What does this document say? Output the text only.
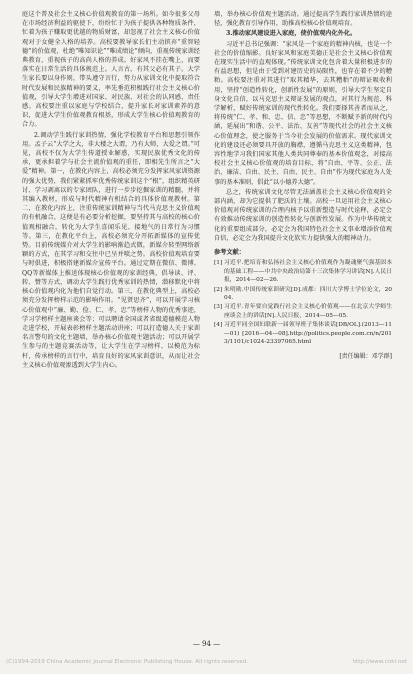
庭这个普及社会主义核心价值观教育的第一场所。如今很多父母在市场经济利益的驱使下，纷纷忙于为孩子提供各种物质条件，忙着为孩子赚取更优越的物质财富，却忽视了社会主义核心价值观对于女健全人格的培养。高校要教导家长们主动摈弃“重智轻德”的价值观，杜绝“唯知识论”“唯成绩论”倾向，重视传统家训经典教育，重视孩子的高尚人格的养成。好家风不挂在嘴上，而要落实在日常生活的具体规范上。人言古，有其父必有其子。大学生家长要以身作则，带头遵守言行，努力从家训文化中提取符合时代发展和民族精神的要义，率先垂范积极践行社会主义核心价值观，引导大学生增进对国家、对民族、对社会的认同感、责任感。高校要注重以家庭与学校结合，提升家长对家训素养的意识，促进大学生价值观教育根基，形成大学生核心价值观教育的合力。

2.调动学生践行家训热情，强化学校教育平台和思想引领作用。孟子云“大学之大，非大楼之大谓，乃有大师，大爱之谓。”可见，高校不仅为大学生传道授业解惑，实现民族优秀文化的传承，更承担着学与社会主流价值观的重任，即相先生所言之“大爱”精神。第一，在教化内容上，高校必须充分发挥家风家训资源的强大优势，我们紧紧抓牢优秀传统家训这个“根”，组织精英研讨、学习剥离以的专家团队，进行一步步挖掘家训的精髓，并将其编入教材，形成与时代精神有机结合的具体价值观教材。第二，在教化内容上，注重传统家训精神与当代马克思主义价值观的有机融合，这便是有必要分析挖掘，要坚持其与高校的核心价值观相融合，转化为大学生喜闻乐见、接地气的日常行为习惯等。第三，在教化平台上，高校必须充分开拓新媒体的宣传优势。目前传统媒介对大学生的影响渐趋式微，新媒介转型网络新颖的方式，在其学习和交往中已呈并喷之势。高校价值观培育要与时俱进，积极搭建新媒介宣传平台。通过定期在微信、微博、QQ等新媒体上推送体现核心价值观的家训经典，倡导读、评、转、赞等方式，调动大学生践行优秀家训的热情，潜移默化中将核心价值观内化为他们自觉行动。第三，在教化典型上，高校必须充分发挥榜样示范的影响作用。“见贤思齐”，可以开展学习核心价值观中“廉、勤、俭、仁、孝、忠”等榜样人物的优秀事迹，学习学榜样主题座谈会等；可以聘请全国或者省级道德模范人物走进学校，开展表彰榜样主题活动讲座；可以打造德人关于家训名言警句的文化主题墙，举办核心价值观主题活动；可以开展学生参与的主题竞赛活动等，让大学生在学习榜样、以模范为标杆，传承榜样的言行中，培育良好的家风家训意识，从而让社会主义核心价值观渗透到大学生内心。

墙，举办核心价值观主题活动。通过提高学生践行家训热情的途径，强化教育引导作用，助推高校核心价值观培育。

3.推动家风建设进入家庭，使价值观内化外化。

习近平总书记强调：“家风是一个家庭的精神内核，也是一个社会的价值缩影。良好家风和家庭美德正是社会主义核心价值观在现实生活中的直观体现。”传统家训文化包含着大量积极进步的有益思想，但是由于受到对建历史的局限性，也存在着不少的糟粕。高校要注重对其进行“取其精华，去其糟粕”的辩证吸收利用，坚持“创造性转化，创新性发展”的原则，引导大学生坚定自身文化自信，以马克思主义辩证发展的观点，对其行为规范、科学解析，赋好传统家训的现代性转化。我们要择其善者而从之，将传统“仁、孝、和、忠、信、忠”等思想，不断赋予新的时代内涵，延展出“和谐、公平、法治、友善”等现代社会的社会主义核心价值理念，使之服务于当今社会发展的价值需求。现代家训文化的建设还必须要具开放的胸襟，遵循马克思主义这类精神，包容性地学习我们国家其他人类共同尊奉的基本价值观念，对接高校社会主义核心价值观的培育目标，将“自由、平等、公正、法治、廉洁、自由、民主、自由、民主、自由”作为现代家庭为人处事的基本准则，倡此“以小德养大德”。

总之，传统家训文化尽管无法涵盖社会主义核心价值观的全部内涵，却为它提供了肥沃的土壤。高校一旦运用社会主义核心价值观对传统家训的合理内核予以重新塑造与时代诠释，必定会有效推动传统家训的创造性转化与创新性发展。作为中华传统文化的重要组成部分，必定会为我国特色社会主义事业增添价值观自信，必定会为我国提升文化软实力提供强大的精神动力。

参考文献：

[1] 习近平.把培育和弘扬社会主义核心价值观作为凝魂聚气强基固本的基础工程——中共中央政治局第十三次集体学习讲话[N].人民日报，2014—02—26.

[2] 朱明勋.中国传统家训研究[D].成都：四川大学博士学位论文，2004.

[3] 习近平.青年要自觉践行社会主义核心价值观——在北京大学师生座谈会上的讲话[N].人民日报，2014—05—05.

[4] 习近平同全国妇联新一届领导班子集体谈话[DB/OL].(2013—11—01) [2016—04—08].http://politics.people.com.cn/n/2013/1101/c1024-23397065.html

[责任编辑：邓学群]

— 94 —
(C)1994-2019 China Academic Journal Electronic Publishing House. All rights reserved.	http://www.cnki.net
